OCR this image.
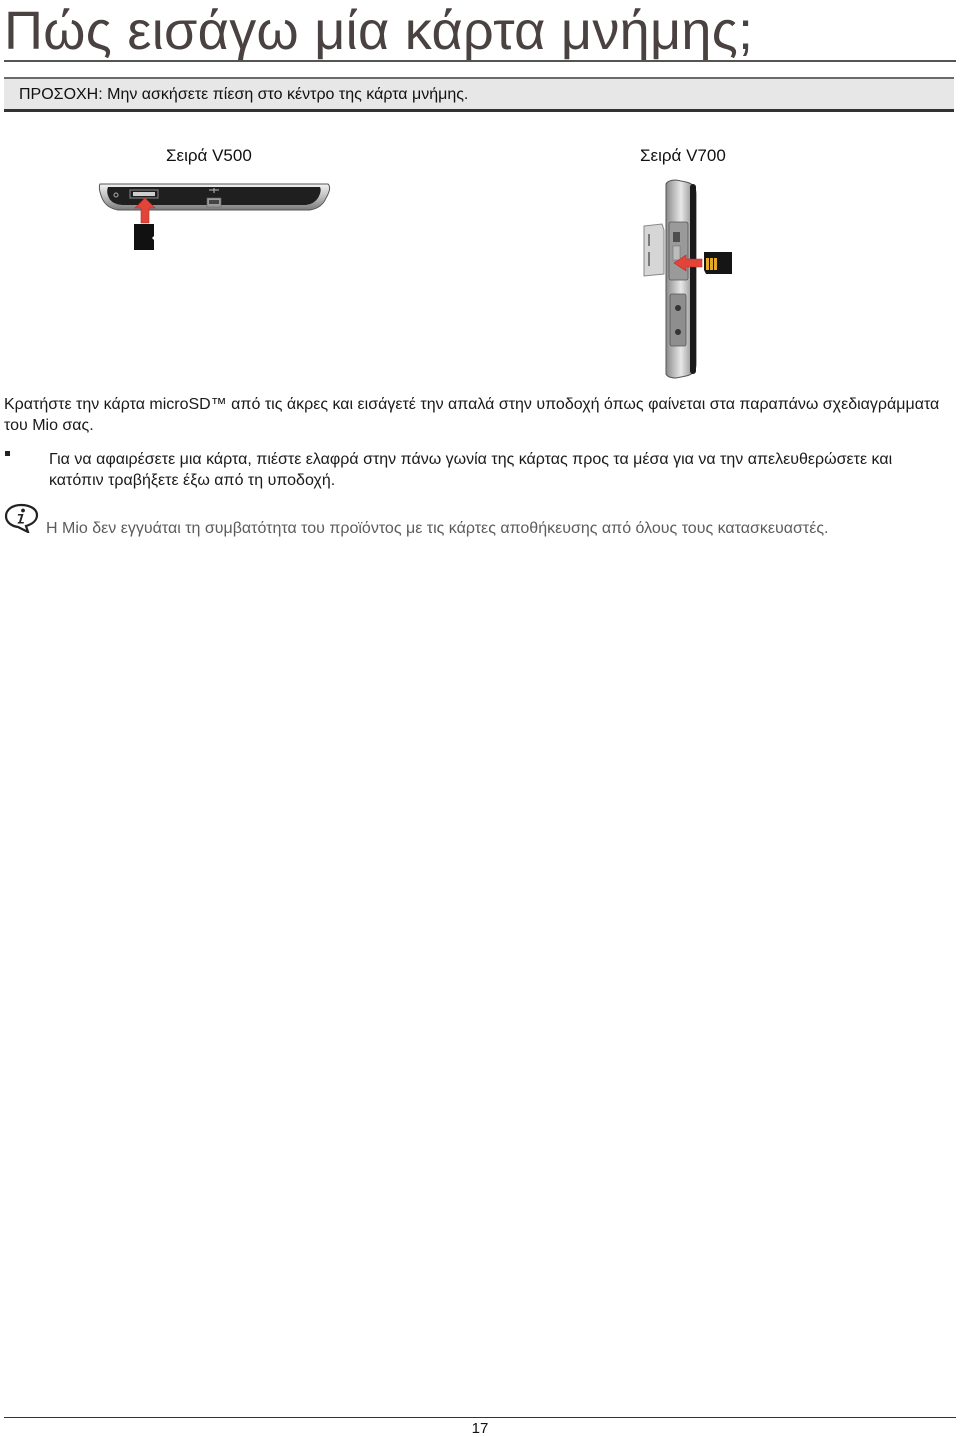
Πώς εισάγω μία κάρτα μνήμης;
ΠΡΟΣΟΧΗ: Μην ασκήσετε πίεση στο κέντρο της κάρτα μνήμης.
Σειρά V500	Σειρά V700

Κρατήστε την κάρτα microSD™ από τις άκρες και εισάγετέ την απαλά στην υποδοχή όπως φαίνεται στα παραπάνω σχεδιαγράμματα του Mio σας.

Για να αφαιρέσετε μια κάρτα, πιέστε ελαφρά στην πάνω γωνία της κάρτας προς τα μέσα για να την απελευθερώσετε και κατόπιν τραβήξετε έξω από τη υποδοχή.

Η Mio δεν εγγυάται τη συμβατότητα του προϊόντος με τις κάρτες αποθήκευσης από όλους τους κατασκευαστές.
17
